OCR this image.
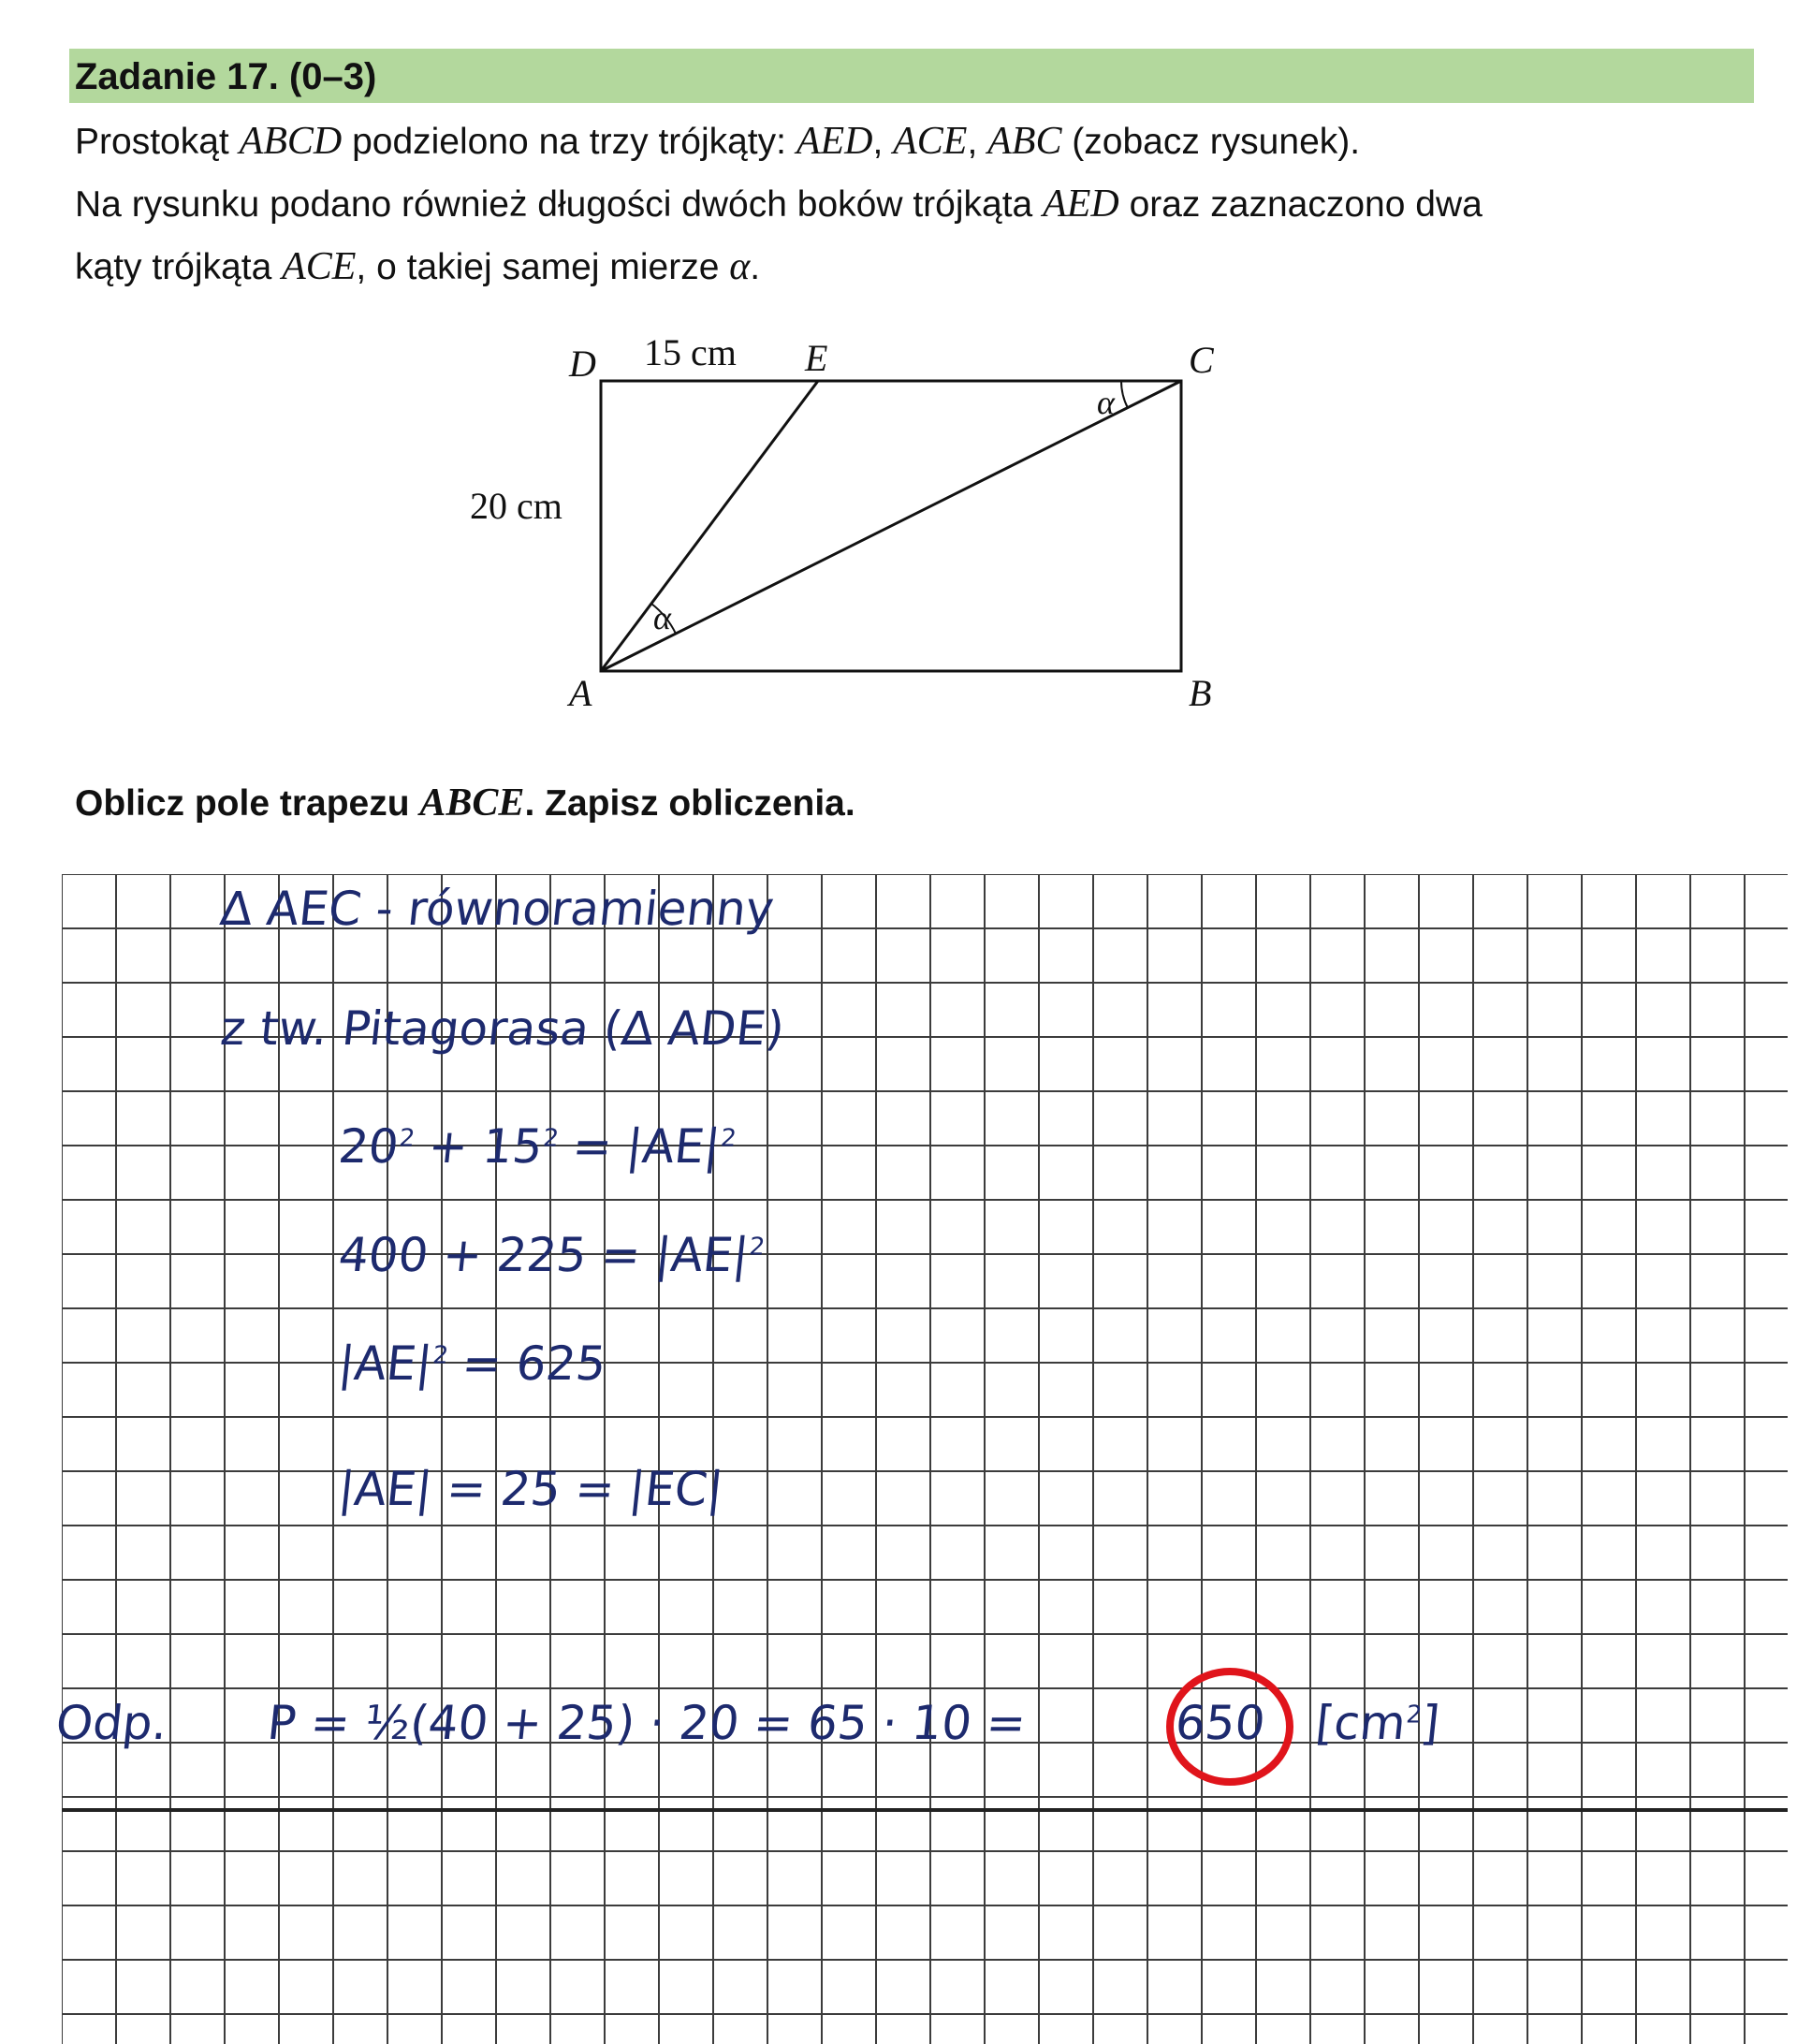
Zadanie 17. (0–3)

Prostokąt ABCD podzielono na trzy trójkąty: AED, ACE, ABC (zobacz rysunek).

Na rysunku podano również długości dwóch boków trójkąta AED oraz zaznaczono dwa

kąty trójkąta ACE, o takiej samej mierze α.

A	B
C
D	E
α
α
15 cm
20 cm
Oblicz pole trapezu ABCE. Zapisz obliczenia.
∆ AEC - równoramienny
z tw. Pitagorasa (∆ ADE)
$20^2 + 15^2 = |AE|^2$
$400 + 225 = |AE|^2$
$|AE|^2 = 625$
|AE| = 25 = |EC|
Odp. P = ½(40 + 25) · 20 = 65 · 10 =	650 $[cm^2]$
